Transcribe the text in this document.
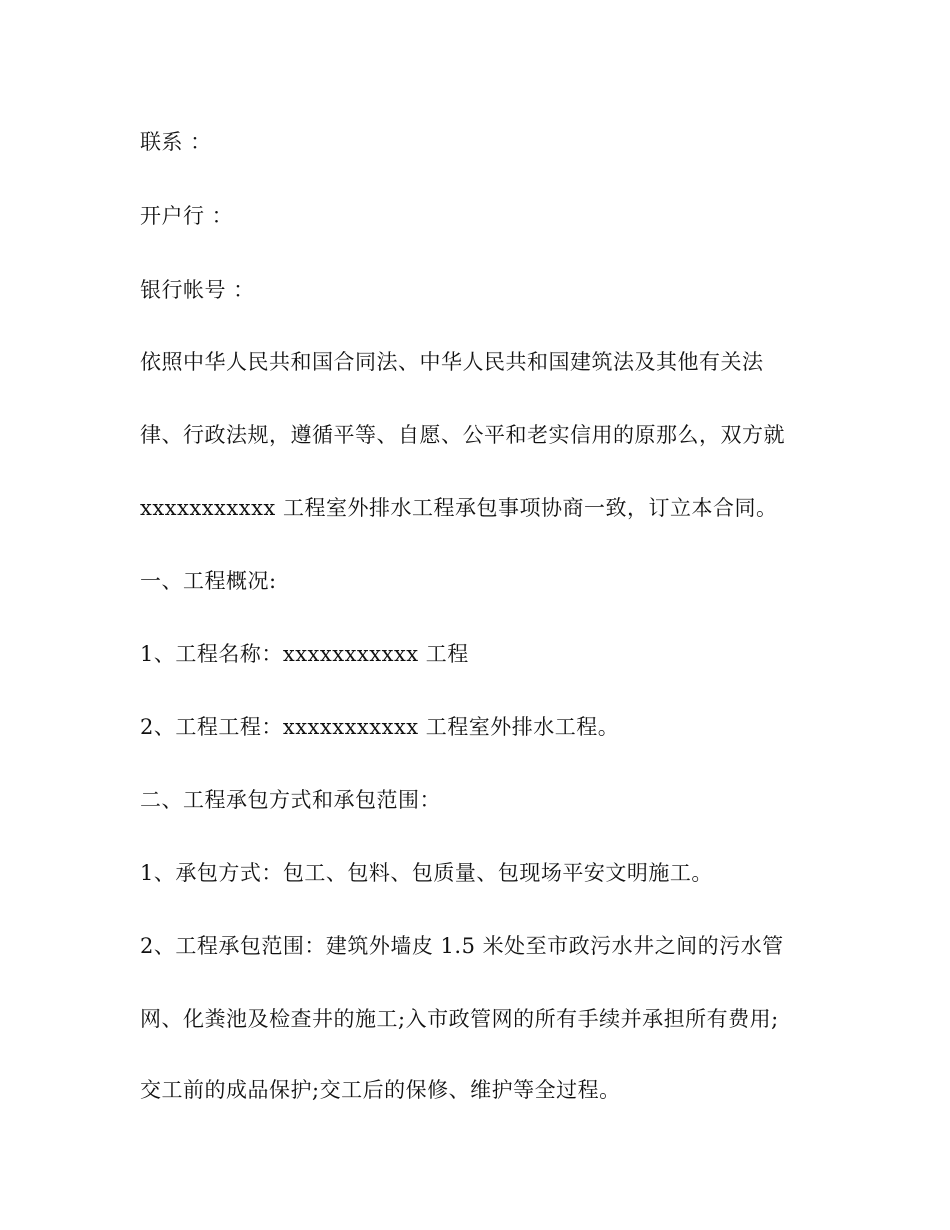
联系 ：
开户行 ：
银行帐号 ：
依照中华人民共和国合同法、中华人民共和国建筑法及其他有关法
律、行政法规，遵循平等、自愿、公平和老实信用的原那么，双方就
xxxxxxxxxxx 工程室外排水工程承包事项协商一致，订立本合同。
一、工程概况:
1、工程名称：xxxxxxxxxxx 工程
2、工程工程：xxxxxxxxxxx 工程室外排水工程。
二、工程承包方式和承包范围：
1、承包方式：包工、包料、包质量、包现场平安文明施工。
2、工程承包范围：建筑外墙皮 1.5 米处至市政污水井之间的污水管
网、化粪池及检查井的施工;入市政管网的所有手续并承担所有费用;
交工前的成品保护;交工后的保修、维护等全过程。
